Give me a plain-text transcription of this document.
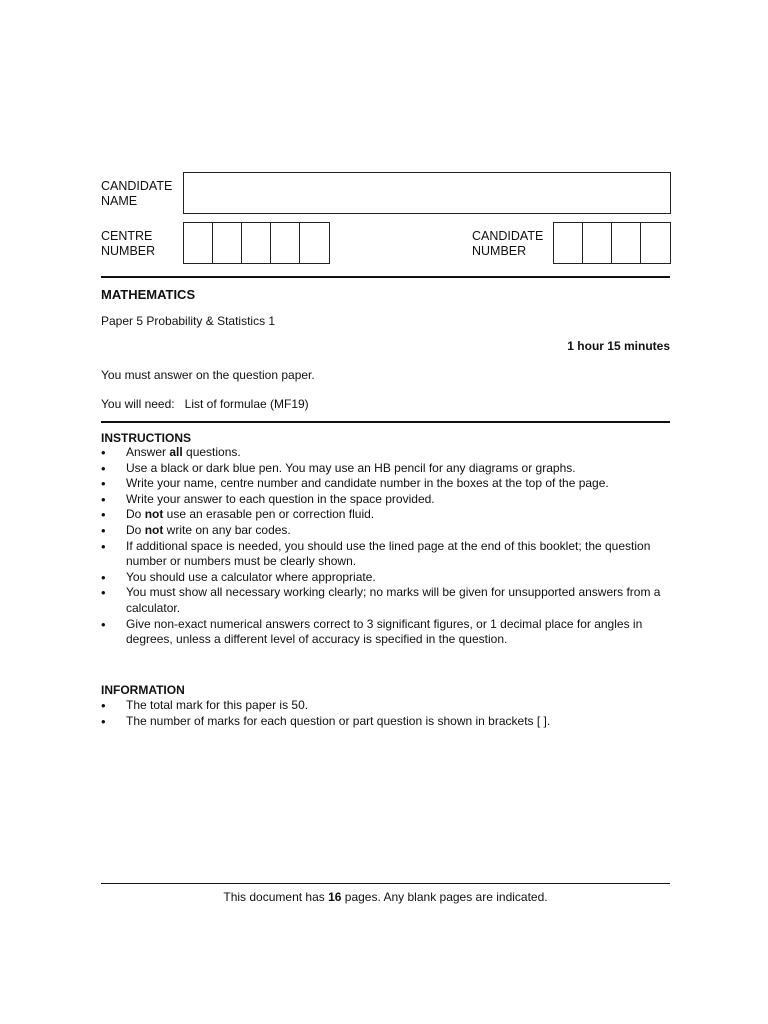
CANDIDATE
NAME
CENTRE
NUMBER
CANDIDATE
NUMBER
MATHEMATICS
Paper 5 Probability & Statistics 1
1 hour 15 minutes
You must answer on the question paper.
You will need: List of formulae (MF19)
INSTRUCTIONS
• Answer all questions.
• Use a black or dark blue pen. You may use an HB pencil for any diagrams or graphs.
• Write your name, centre number and candidate number in the boxes at the top of the page.
• Write your answer to each question in the space provided.
• Do not use an erasable pen or correction fluid.
• Do not write on any bar codes.
• If additional space is needed, you should use the lined page at the end of this booklet; the question number or numbers must be clearly shown.
• You should use a calculator where appropriate.
• You must show all necessary working clearly; no marks will be given for unsupported answers from a calculator.
• Give non-exact numerical answers correct to 3 significant figures, or 1 decimal place for angles in degrees, unless a different level of accuracy is specified in the question.
INFORMATION
• The total mark for this paper is 50.
• The number of marks for each question or part question is shown in brackets [ ].
This document has 16 pages. Any blank pages are indicated.
